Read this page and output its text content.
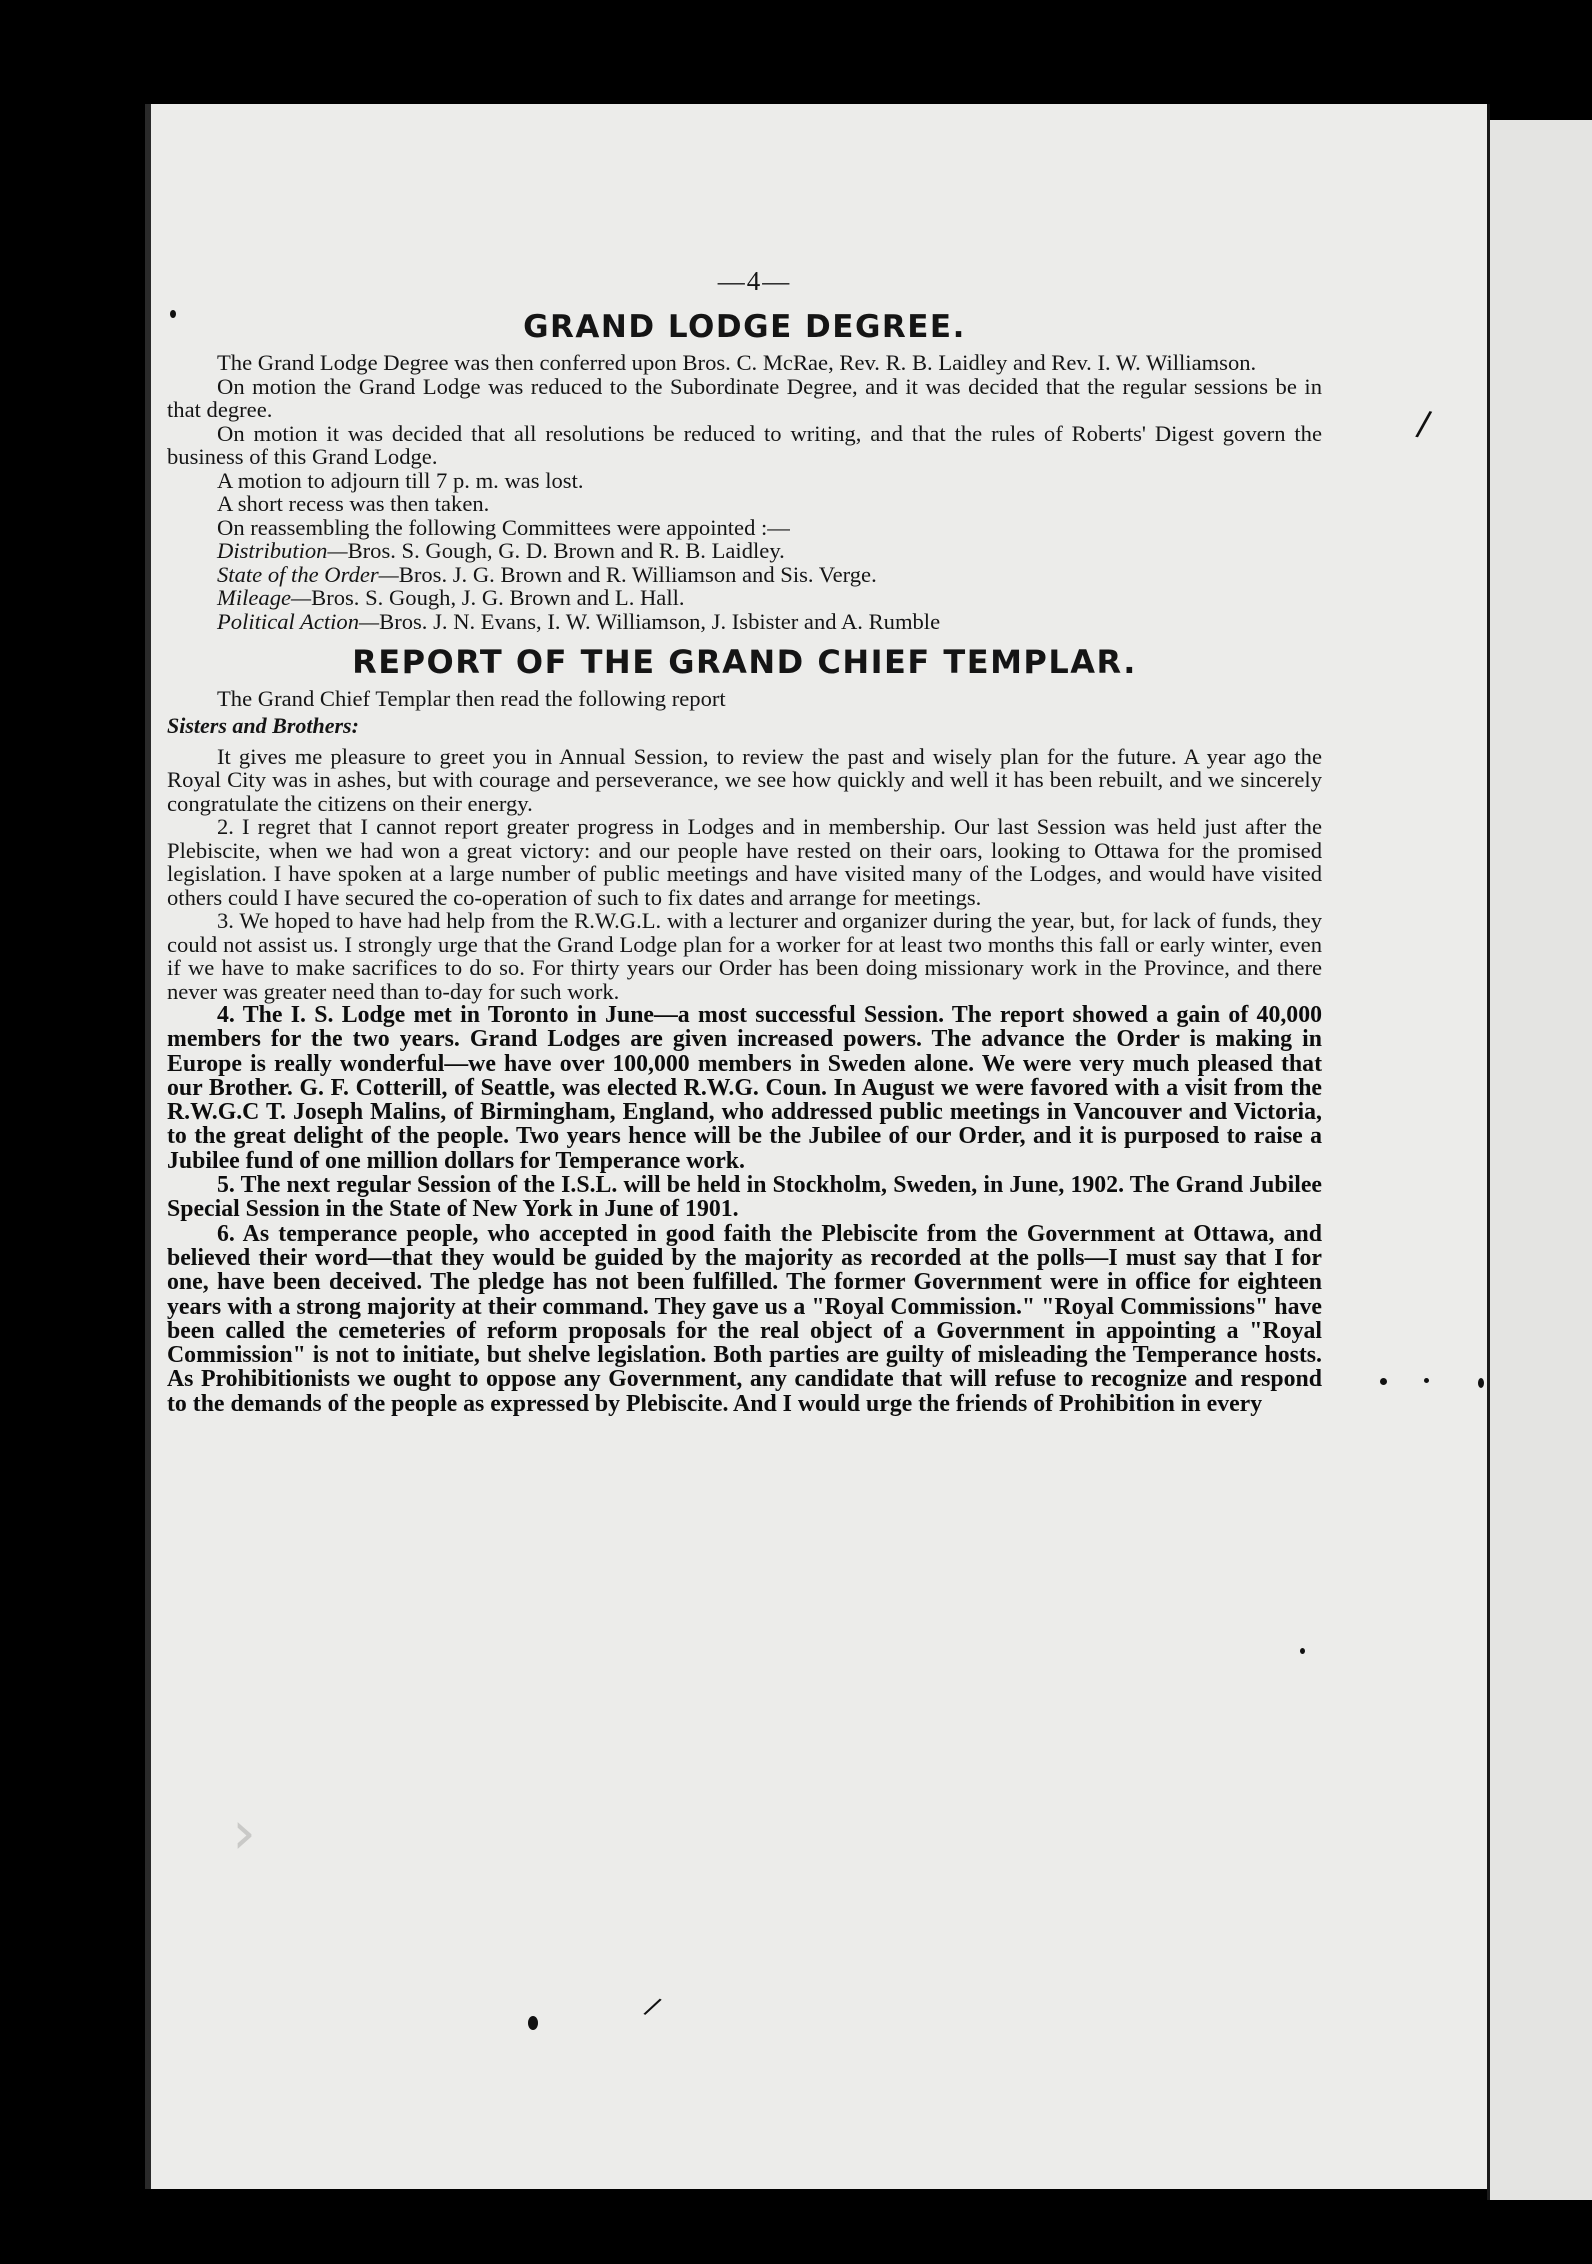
/
/
›
—4—
GRAND LODGE DEGREE.

The Grand Lodge Degree was then conferred upon Bros. C. McRae, Rev. R. B. Laidley and Rev. I. W. Williamson.

On motion the Grand Lodge was reduced to the Subordinate Degree, and it was decided that the regular sessions be in that degree.

On motion it was decided that all resolutions be reduced to writing, and that the rules of Roberts' Digest govern the business of this Grand Lodge.

A motion to adjourn till 7 p. m. was lost.

A short recess was then taken.

On reassembling the following Committees were appointed :—

Distribution—Bros. S. Gough, G. D. Brown and R. B. Laidley.
State of the Order—Bros. J. G. Brown and R. Williamson and Sis. Verge.
Mileage—Bros. S. Gough, J. G. Brown and L. Hall.
Political Action—Bros. J. N. Evans, I. W. Williamson, J. Isbister and A. Rumble
REPORT OF THE GRAND CHIEF TEMPLAR.

The Grand Chief Templar then read the following report

Sisters and Brothers:

It gives me pleasure to greet you in Annual Session, to review the past and wisely plan for the future. A year ago the Royal City was in ashes, but with courage and perseverance, we see how quickly and well it has been rebuilt, and we sincerely congratulate the citizens on their energy.

2. I regret that I cannot report greater progress in Lodges and in membership. Our last Session was held just after the Plebiscite, when we had won a great victory: and our people have rested on their oars, looking to Ottawa for the promised legislation. I have spoken at a large number of public meetings and have visited many of the Lodges, and would have visited others could I have secured the co-operation of such to fix dates and arrange for meetings.

3. We hoped to have had help from the R.W.G.L. with a lecturer and organizer during the year, but, for lack of funds, they could not assist us. I strongly urge that the Grand Lodge plan for a worker for at least two months this fall or early winter, even if we have to make sacrifices to do so. For thirty years our Order has been doing missionary work in the Province, and there never was greater need than to-day for such work.

4. The I. S. Lodge met in Toronto in June—a most successful Session. The report showed a gain of 40,000 members for the two years. Grand Lodges are given increased powers. The advance the Order is making in Europe is really wonderful—we have over 100,000 members in Sweden alone. We were very much pleased that our Brother. G. F. Cotterill, of Seattle, was elected R.W.G. Coun. In August we were favored with a visit from the R.W.G.C T. Joseph Malins, of Birmingham, England, who addressed public meetings in Vancouver and Victoria, to the great delight of the people. Two years hence will be the Jubilee of our Order, and it is purposed to raise a Jubilee fund of one million dollars for Temperance work.

5. The next regular Session of the I.S.L. will be held in Stockholm, Sweden, in June, 1902. The Grand Jubilee Special Session in the State of New York in June of 1901.

6. As temperance people, who accepted in good faith the Plebiscite from the Government at Ottawa, and believed their word—that they would be guided by the majority as recorded at the polls—I must say that I for one, have been deceived. The pledge has not been fulfilled. The former Government were in office for eighteen years with a strong majority at their command. They gave us a "Royal Commission." "Royal Commissions" have been called the cemeteries of reform proposals for the real object of a Government in appointing a "Royal Commission" is not to initiate, but shelve legislation. Both parties are guilty of misleading the Temperance hosts. As Prohibitionists we ought to oppose any Government, any candidate that will refuse to recognize and respond to the demands of the people as expressed by Plebiscite. And I would urge the friends of Prohibition in every
